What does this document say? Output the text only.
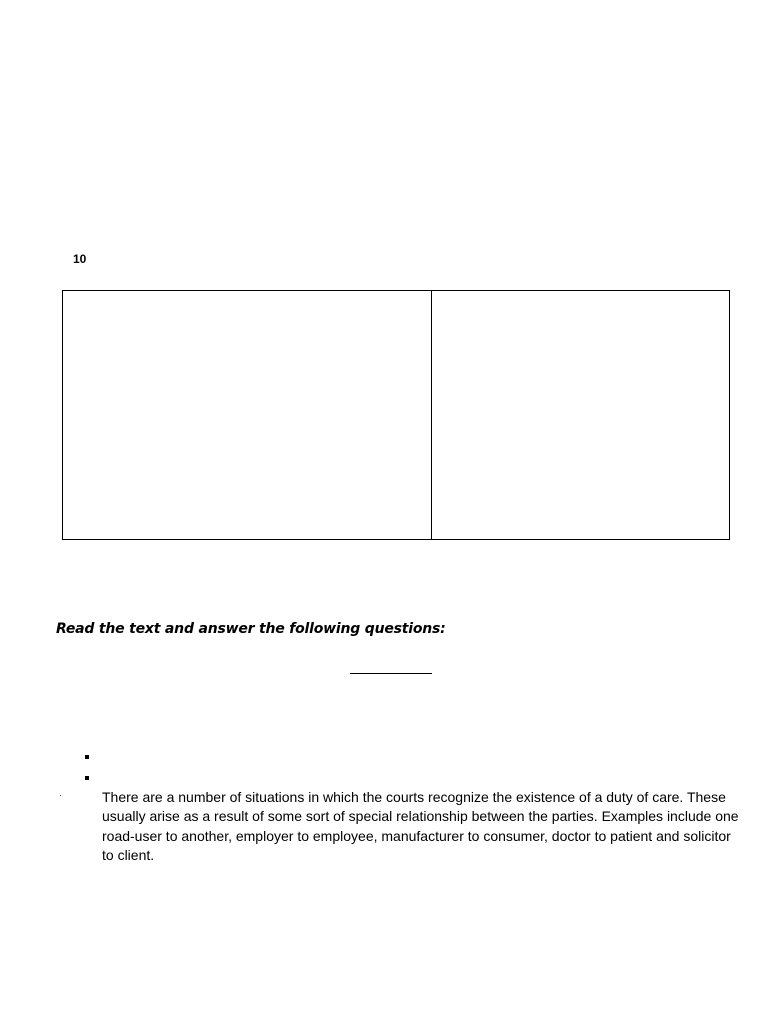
10
Read the text and answer the following questions:

There are a number of situations in which the courts recognize the existence of a duty of care. These usually arise as a result of some sort of special relationship between the parties. Examples include one road-user to another, employer to employee, manufacturer to consumer, doctor to patient and solicitor to client.
